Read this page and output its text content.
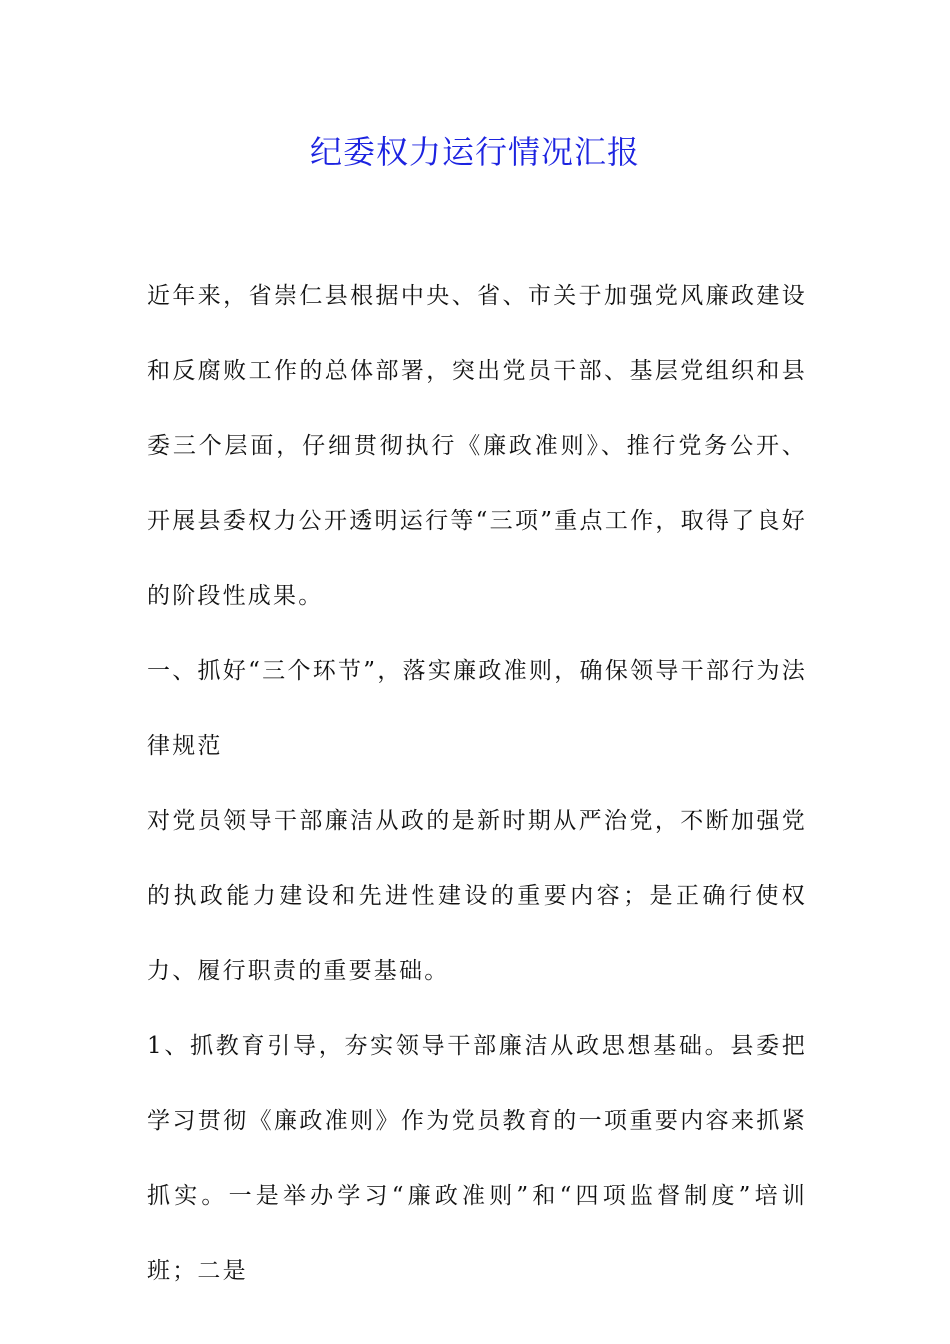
纪委权力运行情况汇报

近年来，省崇仁县根据中央、省、市关于加强党风廉政建设和反腐败工作的总体部署，突出党员干部、基层党组织和县委三个层面，仔细贯彻执行《廉政准则》、推行党务公开、开展县委权力公开透明运行等“三项”重点工作，取得了良好的阶段性成果。

一、抓好“三个环节”，落实廉政准则，确保领导干部行为法律规范

对党员领导干部廉洁从政的是新时期从严治党，不断加强党的执政能力建设和先进性建设的重要内容；是正确行使权力、履行职责的重要基础。

1、抓教育引导，夯实领导干部廉洁从政思想基础。县委把学习贯彻《廉政准则》作为党员教育的一项重要内容来抓紧抓实。一是举办学习“廉政准则”和“四项监督制度”培训班；二是
